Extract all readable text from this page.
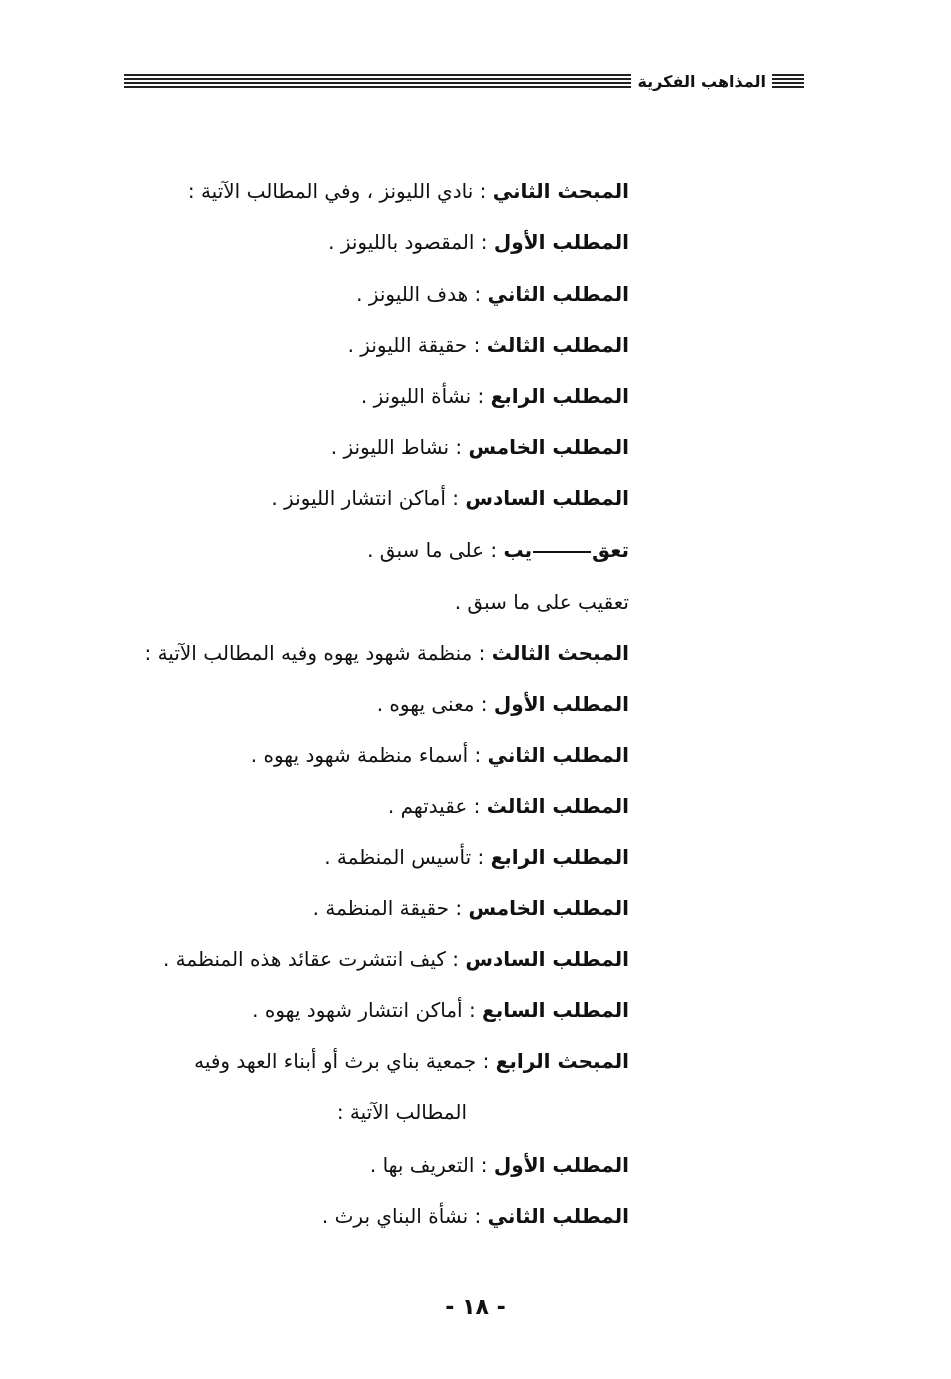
المذاهب الفكرية
المبحث الثاني : نادي الليونز ، وفي المطالب الآتية :
المطلب الأول : المقصود بالليونز .
المطلب الثاني : هدف الليونز .
المطلب الثالث : حقيقة الليونز .
المطلب الرابع : نشأة الليونز .
المطلب الخامس : نشاط الليونز .
المطلب السادس : أماكن انتشار الليونز .
تعقيب : على ما سبق .
تعقيب على ما سبق .
المبحث الثالث : منظمة شهود يهوه وفيه المطالب الآتية :
المطلب الأول : معنى يهوه .
المطلب الثاني : أسماء منظمة شهود يهوه .
المطلب الثالث : عقيدتهم .
المطلب الرابع : تأسيس المنظمة .
المطلب الخامس : حقيقة المنظمة .
المطلب السادس : كيف انتشرت عقائد هذه المنظمة .
المطلب السابع : أماكن انتشار شهود يهوه .
المبحث الرابع : جمعية بناي برث أو أبناء العهد وفيه
المطالب الآتية :
المطلب الأول : التعريف بها .
المطلب الثاني : نشأة البناي برث .
- ١٨ -
